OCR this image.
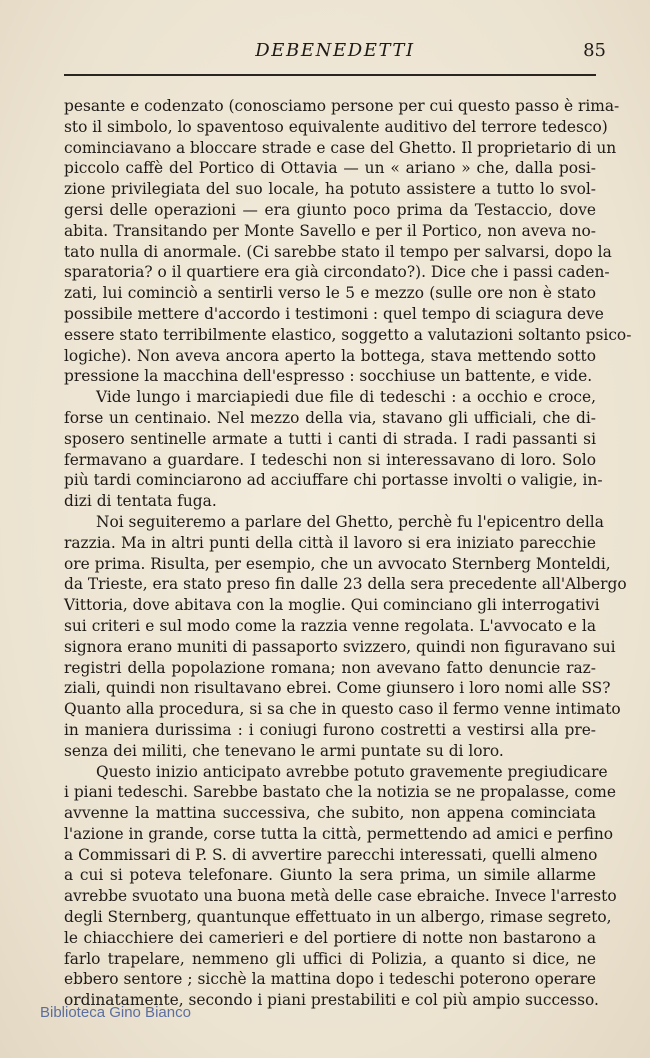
DEBENEDETTI	85
pesante e codenzato (conosciamo persone per cui questo passo è rima-
sto il simbolo, lo spaventoso equivalente auditivo del terrore tedesco)
cominciavano a bloccare strade e case del Ghetto. Il proprietario di un
piccolo caffè del Portico di Ottavia — un « ariano » che, dalla posi-
zione privilegiata del suo locale, ha potuto assistere a tutto lo svol-
gersi delle operazioni — era giunto poco prima da Testaccio, dove
abita. Transitando per Monte Savello e per il Portico, non aveva no-
tato nulla di anormale. (Ci sarebbe stato il tempo per salvarsi, dopo la
sparatoria? o il quartiere era già circondato?). Dice che i passi caden-
zati, lui cominciò a sentirli verso le 5 e mezzo (sulle ore non è stato
possibile mettere d'accordo i testimoni : quel tempo di sciagura deve
essere stato terribilmente elastico, soggetto a valutazioni soltanto psico-
logiche). Non aveva ancora aperto la bottega, stava mettendo sotto
pressione la macchina dell'espresso : socchiuse un battente, e vide.
Vide lungo i marciapiedi due file di tedeschi : a occhio e croce,
forse un centinaio. Nel mezzo della via, stavano gli ufficiali, che di-
sposero sentinelle armate a tutti i canti di strada. I radi passanti si
fermavano a guardare. I tedeschi non si interessavano di loro. Solo
più tardi cominciarono ad acciuffare chi portasse involti o valigie, in-
dizi di tentata fuga.
Noi seguiteremo a parlare del Ghetto, perchè fu l'epicentro della
razzia. Ma in altri punti della città il lavoro si era iniziato parecchie
ore prima. Risulta, per esempio, che un avvocato Sternberg Monteldi,
da Trieste, era stato preso fin dalle 23 della sera precedente all'Albergo
Vittoria, dove abitava con la moglie. Qui cominciano gli interrogativi
sui criteri e sul modo come la razzia venne regolata. L'avvocato e la
signora erano muniti di passaporto svizzero, quindi non figuravano sui
registri della popolazione romana; non avevano fatto denuncie raz-
ziali, quindi non risultavano ebrei. Come giunsero i loro nomi alle SS?
Quanto alla procedura, si sa che in questo caso il fermo venne intimato
in maniera durissima : i coniugi furono costretti a vestirsi alla pre-
senza dei militi, che tenevano le armi puntate su di loro.
Questo inizio anticipato avrebbe potuto gravemente pregiudicare
i piani tedeschi. Sarebbe bastato che la notizia se ne propalasse, come
avvenne la mattina successiva, che subito, non appena cominciata
l'azione in grande, corse tutta la città, permettendo ad amici e perfino
a Commissari di P. S. di avvertire parecchi interessati, quelli almeno
a cui si poteva telefonare. Giunto la sera prima, un simile allarme
avrebbe svuotato una buona metà delle case ebraiche. Invece l'arresto
degli Sternberg, quantunque effettuato in un albergo, rimase segreto,
le chiacchiere dei camerieri e del portiere di notte non bastarono a
farlo trapelare, nemmeno gli uffici di Polizia, a quanto si dice, ne
ebbero sentore ; sicchè la mattina dopo i tedeschi poterono operare
ordinatamente, secondo i piani prestabiliti e col più ampio successo.
Biblioteca Gino Bianco
